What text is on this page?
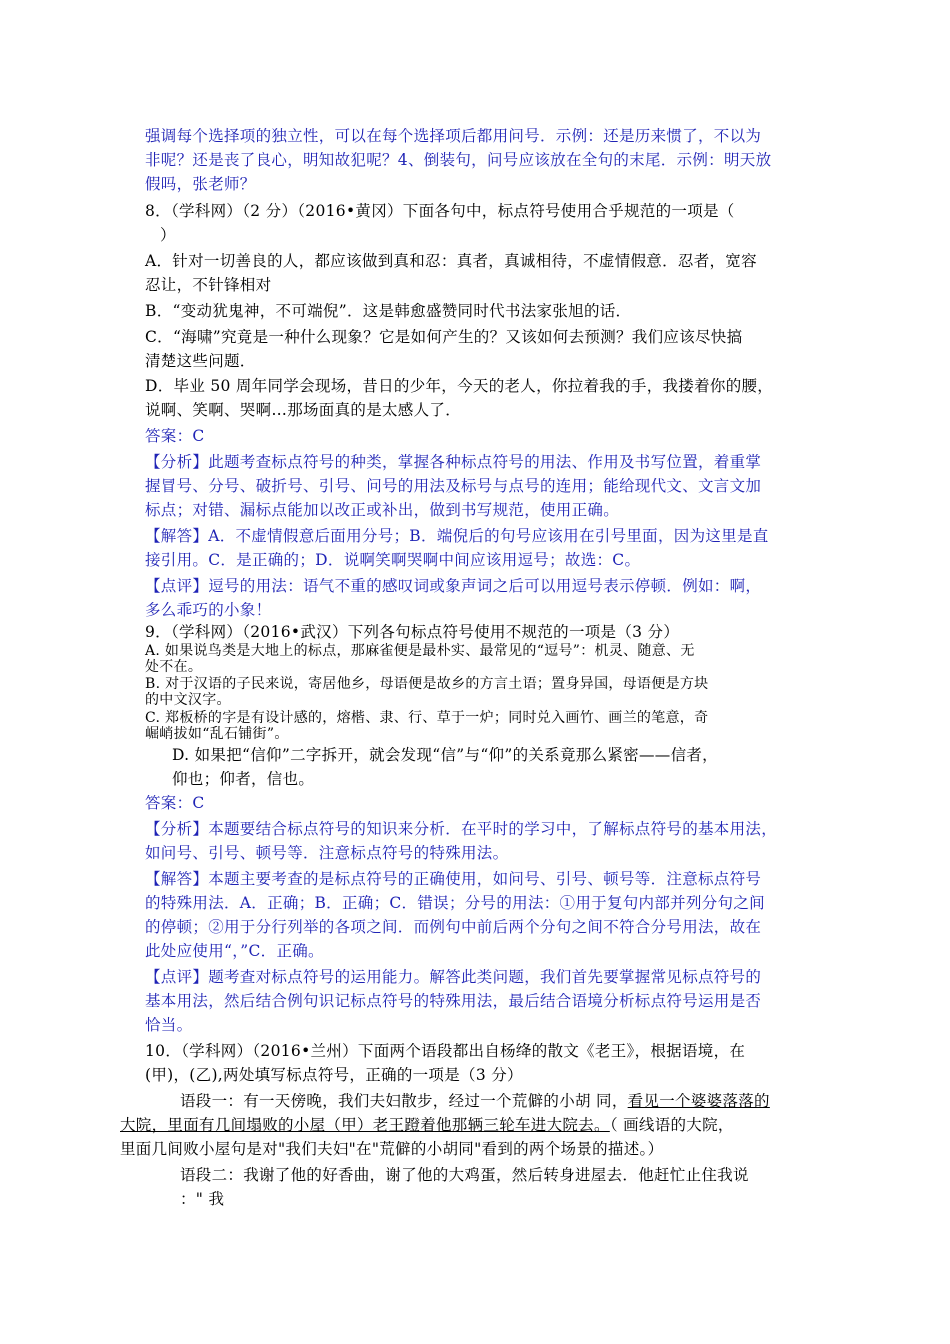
强调每个选择项的独立性，可以在每个选择项后都用问号．示例：还是历来惯了，不以为
非呢？还是丧了良心，明知故犯呢？4、倒装句，问号应该放在全句的末尾．示例：明天放
假吗，张老师？
8．（学科网）（2 分）（2016•黄冈）下面各句中，标点符号使用合乎规范的一项是（
）
A．针对一切善良的人，都应该做到真和忍：真者，真诚相待，不虚情假意．忍者，宽容
忍让，不针锋相对
B．“变动犹鬼神，不可端倪”．这是韩愈盛赞同时代书法家张旭的话．
C．“海啸”究竟是一种什么现象？它是如何产生的？又该如何去预测？我们应该尽快搞
清楚这些问题．
D．毕业 50 周年同学会现场，昔日的少年，今天的老人，你拉着我的手，我搂着你的腰，
说啊、笑啊、哭啊…那场面真的是太感人了．
答案：C
【分析】此题考查标点符号的种类，掌握各种标点符号的用法、作用及书写位置，着重掌
握冒号、分号、破折号、引号、问号的用法及标号与点号的连用；能给现代文、文言文加
标点；对错、漏标点能加以改正或补出，做到书写规范，使用正确。
【解答】A．不虚情假意后面用分号；B．端倪后的句号应该用在引号里面，因为这里是直
接引用。C．是正确的；D．说啊笑啊哭啊中间应该用逗号；故选：C。
【点评】逗号的用法：语气不重的感叹词或象声词之后可以用逗号表示停顿．例如：啊，
多么乖巧的小象！
9．（学科网）（2016•武汉）下列各句标点符号使用不规范的一项是（3 分）
A. 如果说鸟类是大地上的标点，那麻雀便是最朴实、最常见的“逗号”：机灵、随意、无
处不在。
B. 对于汉语的子民来说，寄居他乡，母语便是故乡的方言土语；置身异国，母语便是方块
的中文汉字。
C. 郑板桥的字是有设计感的，熔楷、隶、行、草于一炉；同时兑入画竹、画兰的笔意，奇
崛峭拔如“乱石铺街”。
D. 如果把“信仰”二字拆开，就会发现“信”与“仰”的关系竟那么紧密——信者，
仰也；仰者，信也。
答案：C
【分析】本题要结合标点符号的知识来分析．在平时的学习中，了解标点符号的基本用法，
如问号、引号、顿号等．注意标点符号的特殊用法。
【解答】本题主要考查的是标点符号的正确使用，如问号、引号、顿号等．注意标点符号
的特殊用法．A．正确；B．正确；C．错误；分号的用法：①用于复句内部并列分句之间
的停顿；②用于分行列举的各项之间．而例句中前后两个分句之间不符合分号用法，故在
此处应使用“，”C．正确。
【点评】题考查对标点符号的运用能力。解答此类问题，我们首先要掌握常见标点符号的
基本用法，然后结合例句识记标点符号的特殊用法，最后结合语境分析标点符号运用是否
恰当。
10．（学科网）（2016•兰州）下面两个语段都出自杨绛的散文《老王》，根据语境，在
(甲)，(乙),两处填写标点符号，正确的一项是（3 分）
语段一：有一天傍晚，我们夫妇散步，经过一个荒僻的小胡 同，看见一个婆婆落落的
大院，里面有几间塌败的小屋（甲）老王蹬着他那辆三轮车进大院去。（ 画线语的大院，
里面几间败小屋句是对"我们夫妇"在"荒僻的小胡同"看到的两个场景的描述。）
语段二：我谢了他的好香曲，谢了他的大鸡蛋，然后转身进屋去．他赶忙止住我说
：" 我
